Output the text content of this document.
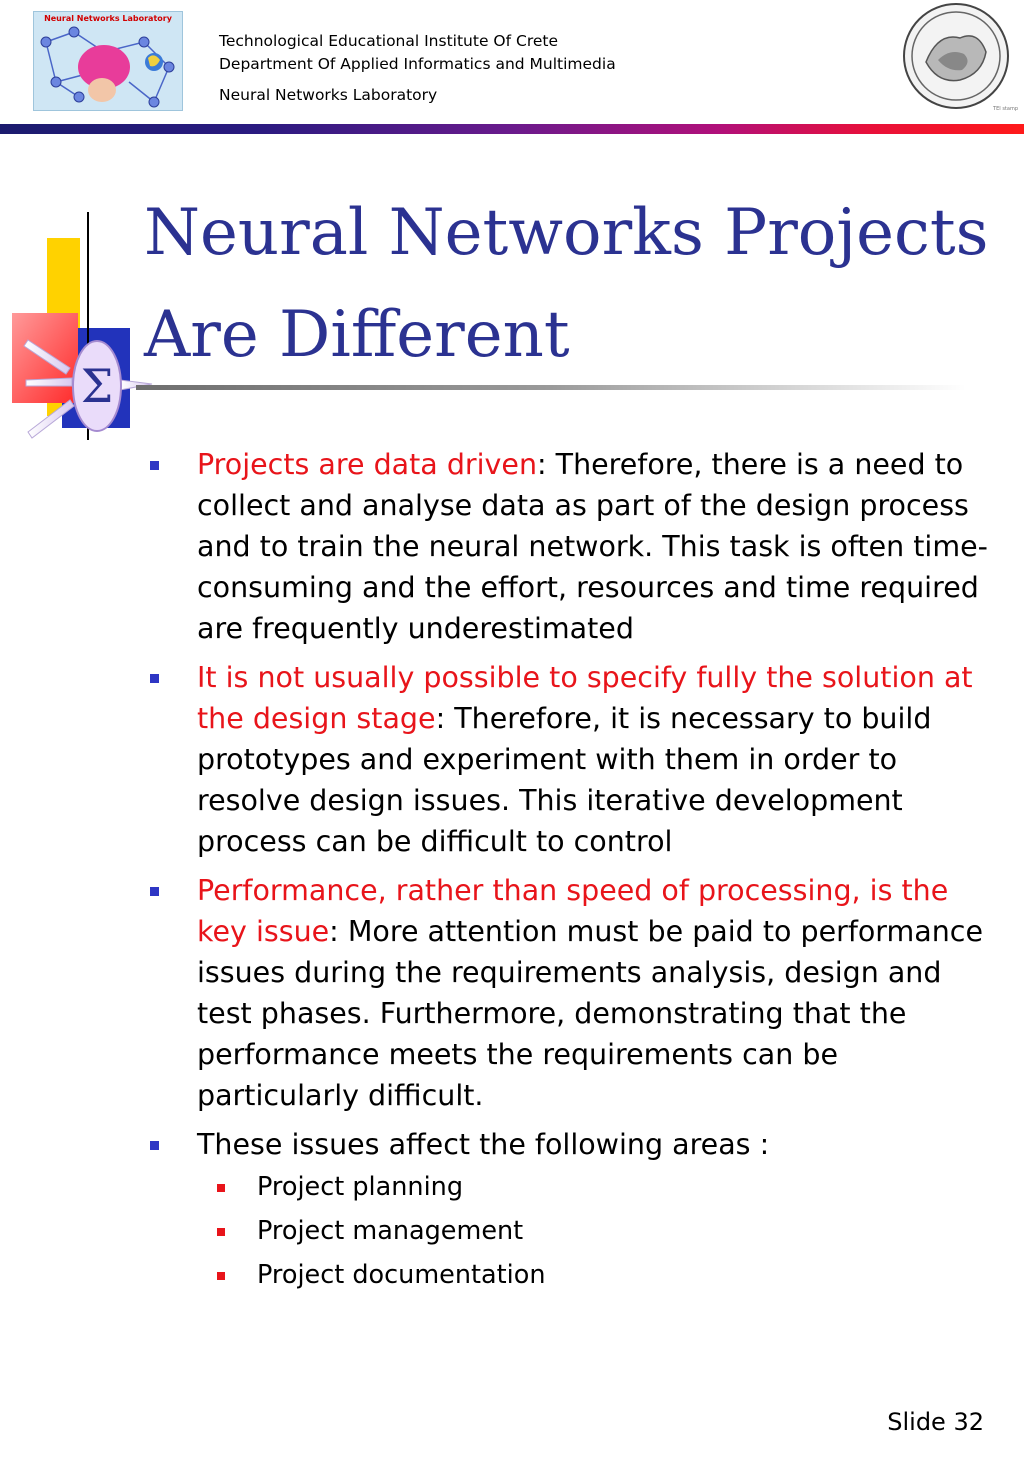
Neural Networks Laboratory
Technological Educational Institute Of Crete
Department Of Applied Informatics and Multimedia
Neural Networks Laboratory
TEI stamp
Σ
Neural Networks Projects
Are Different
Projects are data driven: Therefore, there is a need to collect and analyse data as part of the design process and to train the neural network. This task is often time-consuming and the effort, resources and time required are frequently underestimated
It is not usually possible to specify fully the solution at the design stage: Therefore, it is necessary to build prototypes and experiment with them in order to resolve design issues. This iterative development process can be difficult to control
Performance, rather than speed of processing, is the key issue: More attention must be paid to performance issues during the requirements analysis, design and test phases. Furthermore, demonstrating that the performance meets the requirements can be particularly difficult.
These issues affect the following areas :
Project planning
Project management
Project documentation
Slide 32
